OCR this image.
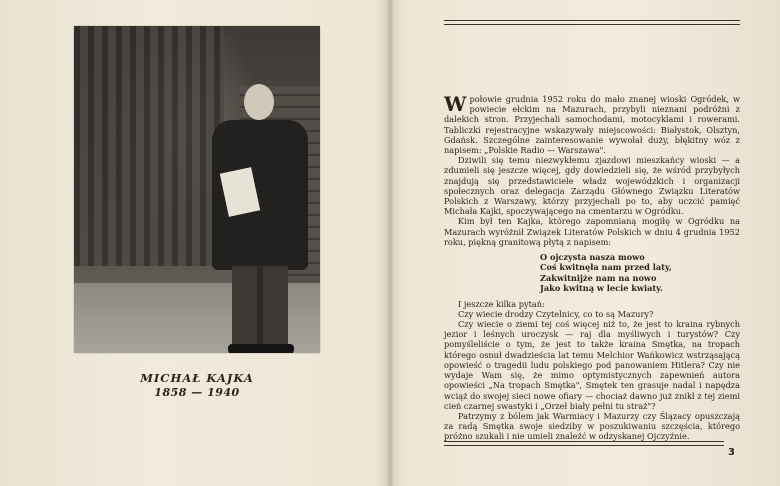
MICHAŁ KAJKA
1858 — 1940

Wpołowie grudnia 1952 roku do mało znanej wioski Ogródek, w powiecie ełckim na Mazurach, przybyli nieznani podróżni z dalekich stron. Przyjechali samochodami, motocyklami i rowerami. Tabliczki rejestracyjne wskazywały miejscowości: Białystok, Olsztyn, Gdańsk. Szczególne zainteresowanie wywołał duży, błękitny wóz z napisem: „Polskie Radio — Warszawa".

Dziwili się temu niezwykłemu zjazdowi mieszkańcy wioski — a zdumieli się jeszcze więcej, gdy dowiedzieli się, że wśród przybyłych znajdują się przedstawiciele władz wojewódzkich i organizacji społecznych oraz delegacja Zarządu Głównego Związku Literatów Polskich z Warszawy, którzy przyjechali po to, aby uczcić pamięć Michała Kajki, spoczywającego na cmentarzu w Ogródku.

Kim był ten Kajka, którego zapomnianą mogiłę w Ogródku na Mazurach wyróżnił Związek Literatów Polskich w dniu 4 grudnia 1952 roku, piękną granitową płytą z napisem:

O ojczysta nasza mowo
Coś kwitnęła nam przed laty,
Zakwitnijże nam na nowo
Jako kwitną w lecie kwiaty.

I jeszcze kilka pytań:

Czy wiecie drodzy Czytelnicy, co to są Mazury?

Czy wiecie o ziemi tej coś więcej niż to, że jest to kraina rybnych jezior i leśnych uroczysk — raj dla myśliwych i turystów? Czy pomyśleliście o tym, że jest to także kraina Smętka, na tropach którego osnuł dwadzieścia lat temu Melchior Wańkowicz wstrząsającą opowieść o tragedii ludu polskiego pod panowaniem Hitlera? Czy nie wydaje Wam się, że mimo optymistycznych zapewnień autora opowieści „Na tropach Smętka", Smętek ten grasuje nadal i napędza wciąż do swojej sieci nowe ofiary — chociaż dawno już znikł z tej ziemi cień czarnej swastyki i „Orzeł biały pełni tu straż"?

Patrzymy z bólem jak Warmiacy i Mazurzy czy Ślązacy opuszczają za radą Smętka swoje siedziby w poszukiwaniu szczęścia, którego próżno szukali i nie umieli znaleźć w odzyskanej Ojczyźnie.

3
